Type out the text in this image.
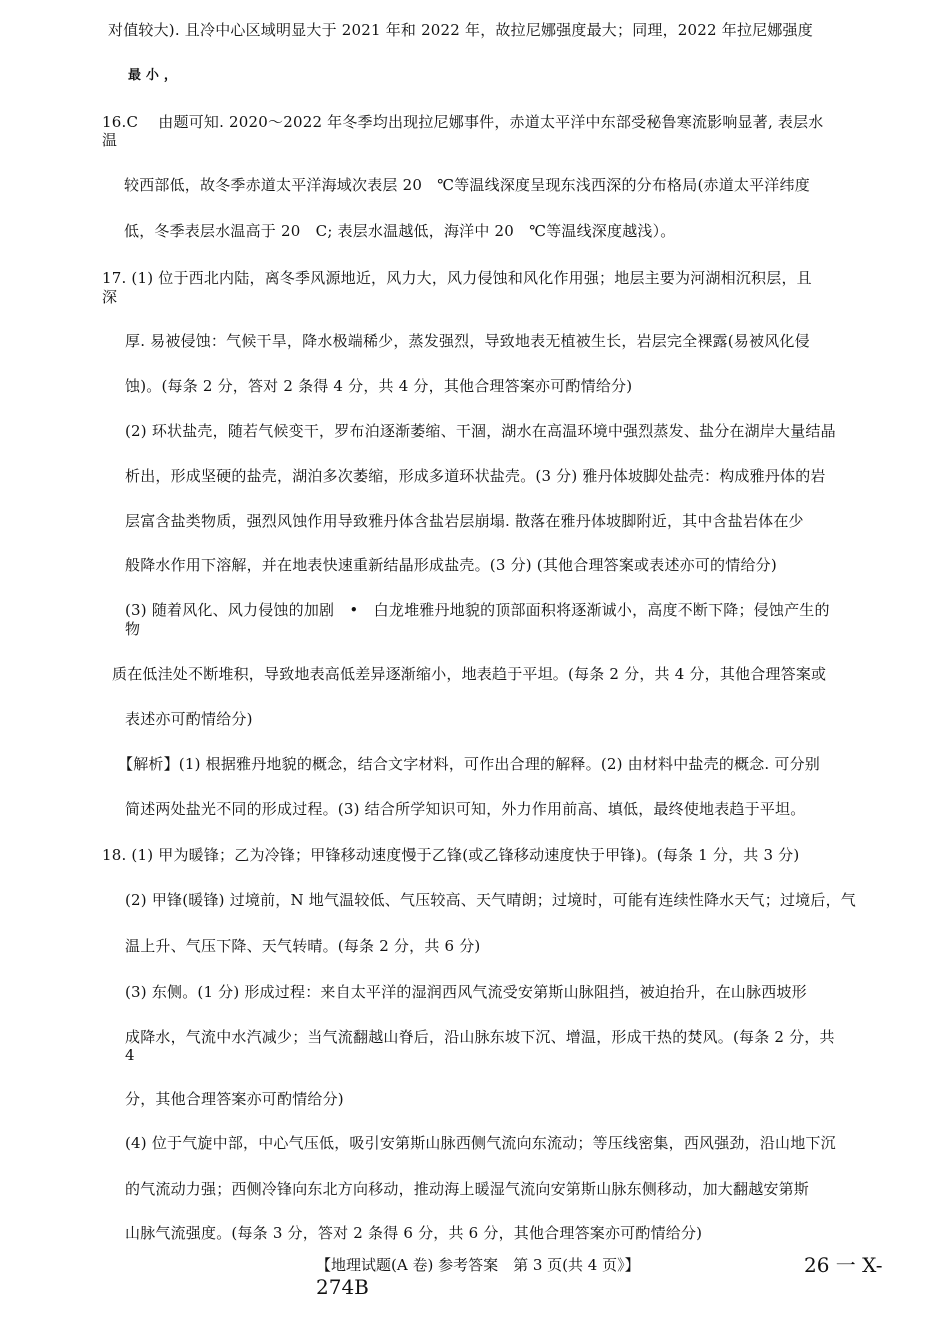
对值较大). 且冷中心区域明显大于 2021 年和 2022 年，故拉尼娜强度最大；同理，2022 年拉尼娜强度

最 小 ，

16.C　 由题可知. 2020～2022 年冬季均出现拉尼娜事件，赤道太平洋中东部受秘鲁寒流影响显著, 表层水

温

较西部低，故冬季赤道太平洋海域次表层 20　℃等温线深度呈现东浅西深的分布格局(赤道太平洋纬度

低，冬季表层水温高于 20　C; 表层水温越低，海洋中 20　℃等温线深度越浅）。

17. (1) 位于西北内陆，离冬季风源地近，风力大，风力侵蚀和风化作用强；地层主要为河湖相沉积层，且

深

厚. 易被侵蚀：气候干旱，降水极端稀少，蒸发强烈，导致地表无植被生长，岩层完全裸露(易被风化侵

蚀)。(每条 2 分，答对 2 条得 4 分，共 4 分，其他合理答案亦可酌情给分)

(2) 环状盐壳，随若气候变干，罗布泊逐渐萎缩、干涸，湖水在高温环境中强烈蒸发、盐分在湖岸大量结晶

析出，形成坚硬的盐壳，湖泊多次萎缩，形成多道环状盐壳。(3 分) 雅丹体坡脚处盐壳：构成雅丹体的岩

层富含盐类物质，强烈风蚀作用导致雅丹体含盐岩层崩塌. 散落在雅丹体坡脚附近，其中含盐岩体在少

般降水作用下溶解，并在地表快速重新结晶形成盐壳。(3 分) (其他合理答案或表述亦可的情给分)

(3) 随着风化、风力侵蚀的加剧　•　白龙堆雅丹地貌的顶部面积将逐渐诚小，高度不断下降；侵蚀产生的

物

质在低洼处不断堆积，导致地表高低差异逐渐缩小，地表趋于平坦。(每条 2 分，共 4 分，其他合理答案或

表述亦可酌情给分)

【解析】(1) 根据雅丹地貌的概念，结合文字材料，可作出合理的解释。(2) 由材料中盐壳的概念. 可分别

简述两处盐光不同的形成过程。(3) 结合所学知识可知，外力作用前高、填低，最终使地表趋于平坦。

18. (1) 甲为暖锋；乙为冷锋；甲锋移动速度慢于乙锋(或乙锋移动速度快于甲锋)。(每条 1 分，共 3 分)

(2) 甲锋(暖锋) 过境前，N 地气温较低、气压较高、天气晴朗；过境时，可能有连续性降水天气；过境后，气

温上升、气压下降、天气转晴。(每条 2 分，共 6 分)

(3) 东侧。(1 分) 形成过程：来自太平洋的湿润西风气流受安第斯山脉阻挡，被迫抬升，在山脉西坡形

成降水，气流中水汽减少；当气流翻越山脊后，沿山脉东坡下沉、增温，形成干热的焚风。(每条 2 分，共

4

分，其他合理答案亦可酌情给分)

(4) 位于气旋中部，中心气压低，吸引安第斯山脉西侧气流向东流动；等压线密集，西风强劲，沿山地下沉

的气流动力强；西侧冷锋向东北方向移动，推动海上暖湿气流向安第斯山脉东侧移动，加大翻越安第斯

山脉气流强度。(每条 3 分，答对 2 条得 6 分，共 6 分，其他合理答案亦可酌情给分)

【地理试题(A 卷) 参考答案　第 3 页(共 4 页》】	26 一 X-
274B
